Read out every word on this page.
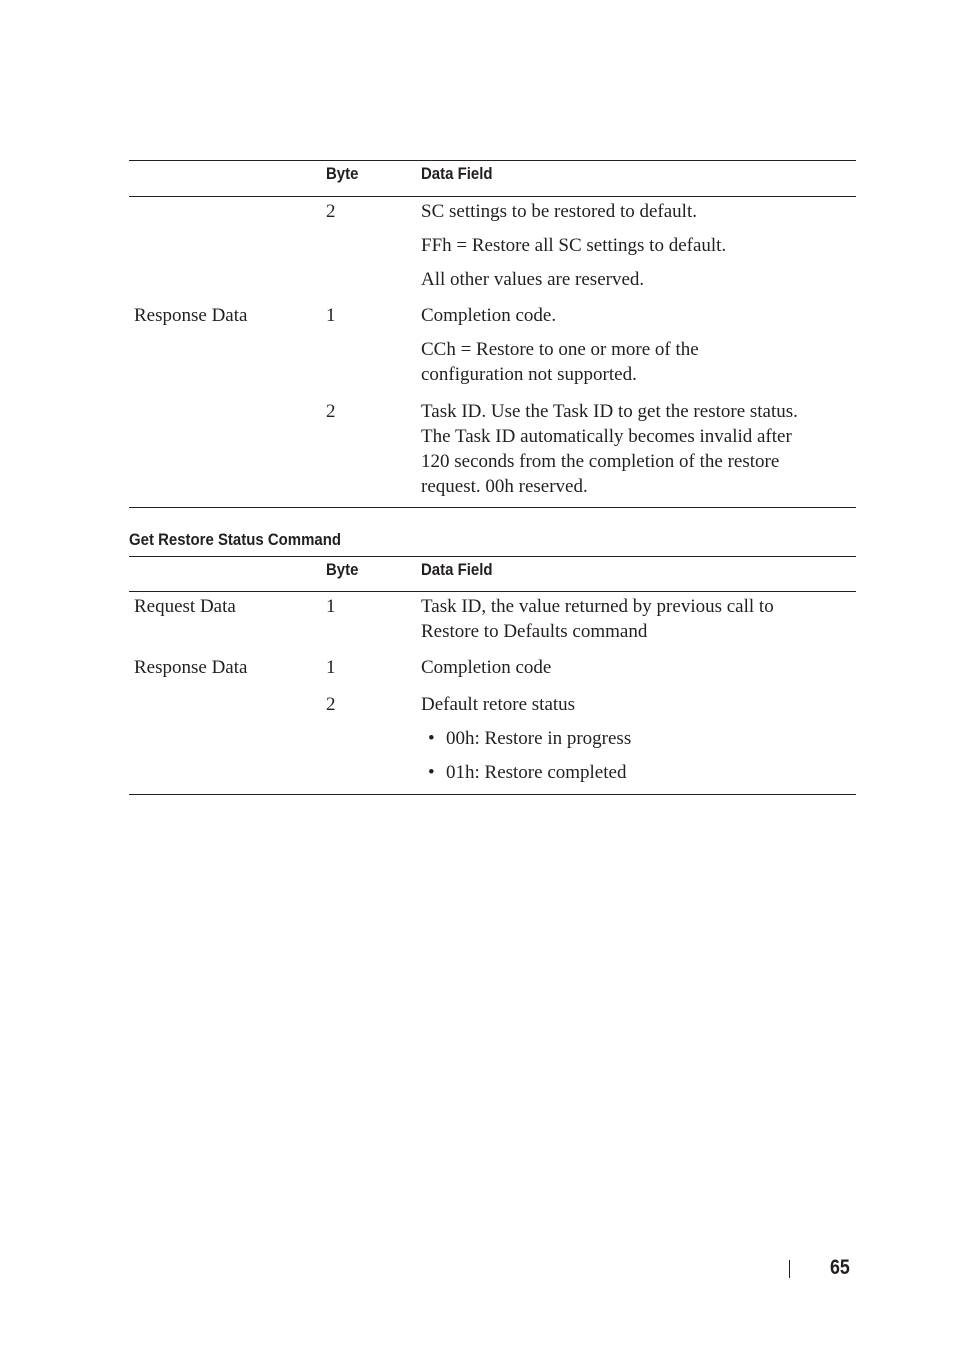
Byte	Data Field
2	SC settings to be restored to default.
FFh = Restore all SC settings to default.
All other values are reserved.
Response Data	1	Completion code.
CCh = Restore to one or more of the
configuration not supported.
2	Task ID. Use the Task ID to get the restore status.
The Task ID automatically becomes invalid after
120 seconds from the completion of the restore
request. 00h reserved.
Get Restore Status Command
Byte	Data Field
Request Data	1	Task ID, the value returned by previous call to
Restore to Defaults command
Response Data	1	Completion code
2	Default retore status
• 00h: Restore in progress
• 01h: Restore completed
65
